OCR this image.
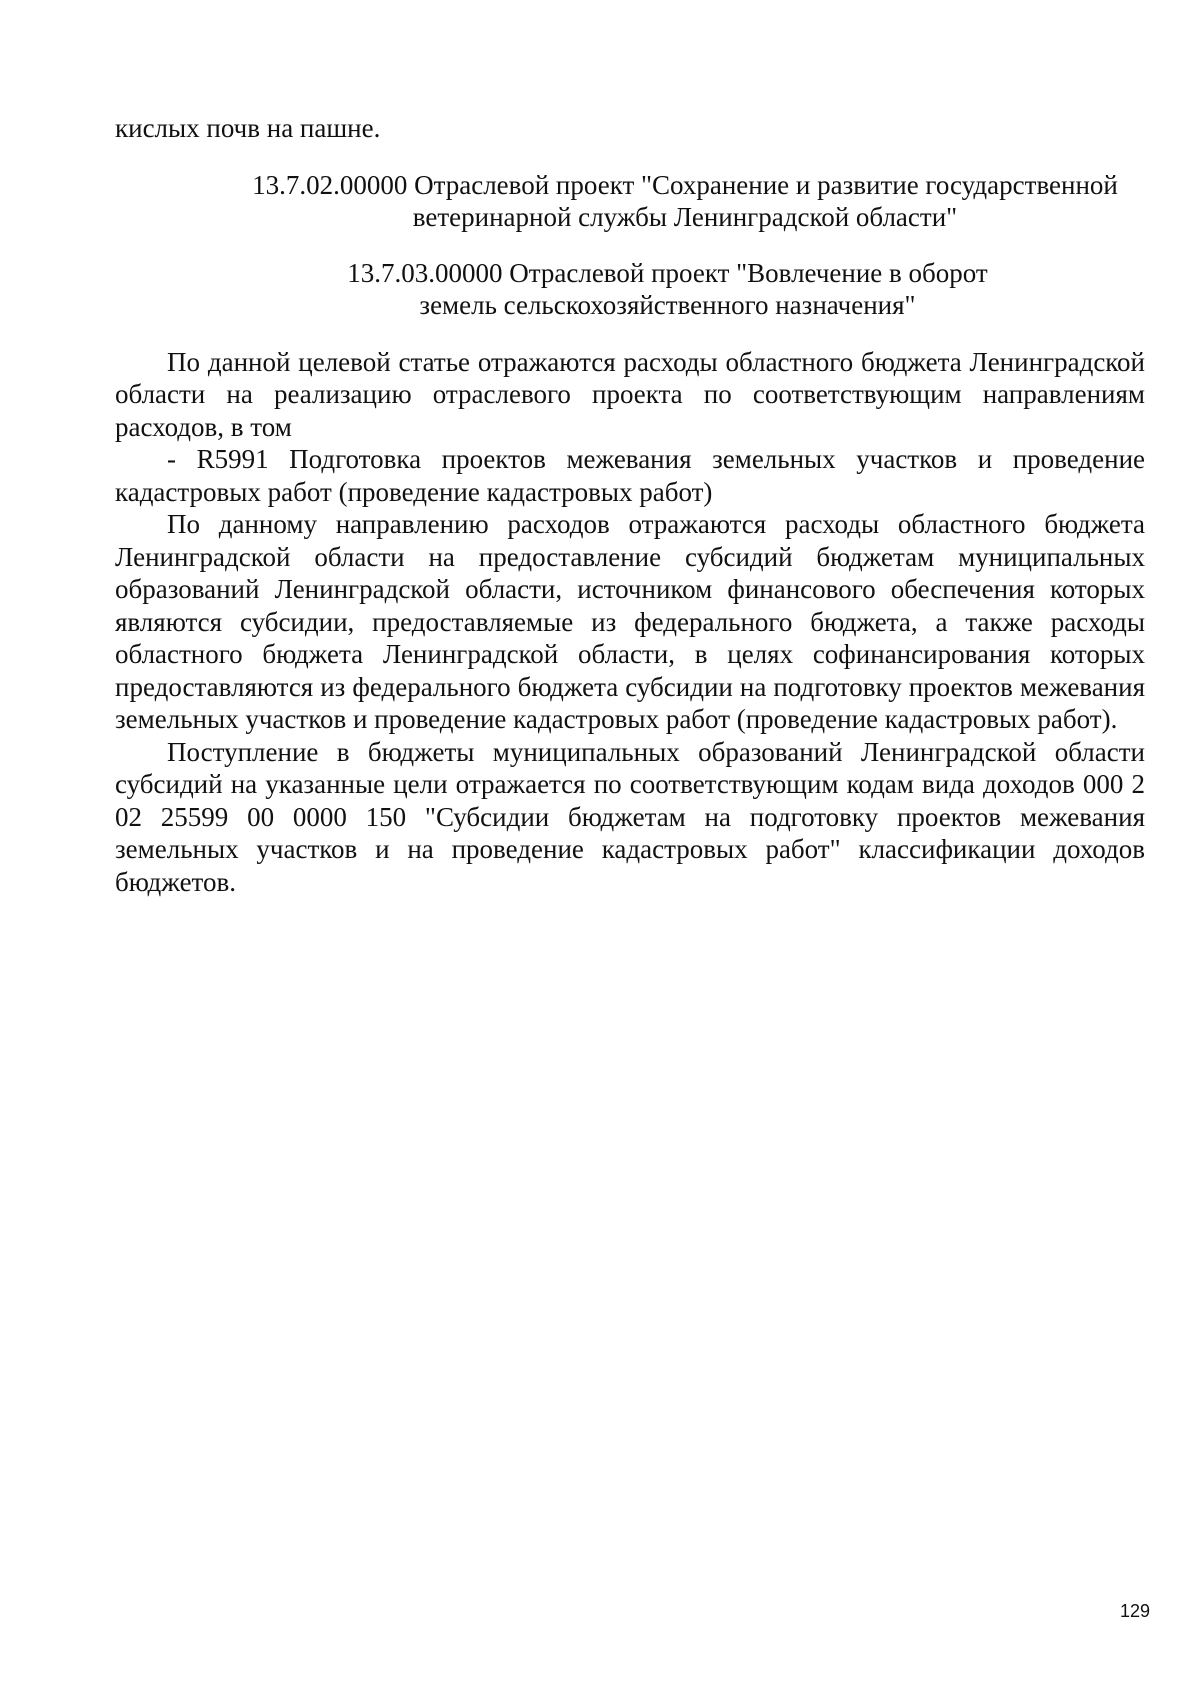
кислых почв на пашне.

13.7.02.00000 Отраслевой проект "Сохранение и развитие государственной
ветеринарной службы Ленинградской области"
13.7.03.00000 Отраслевой проект "Вовлечение в оборот
земель сельскохозяйственного назначения"

По данной целевой статье отражаются расходы областного бюджета Ленинградской области на реализацию отраслевого проекта по соответствующим направлениям расходов, в том

- R5991 Подготовка проектов межевания земельных участков и проведение кадастровых работ (проведение кадастровых работ)

По данному направлению расходов отражаются расходы областного бюджета Ленинградской области на предоставление субсидий бюджетам муниципальных образований Ленинградской области, источником финансового обеспечения которых являются субсидии, предоставляемые из федерального бюджета, а также расходы областного бюджета Ленинградской области, в целях софинансирования которых предоставляются из федерального бюджета субсидии на подготовку проектов межевания земельных участков и проведение кадастровых работ (проведение кадастровых работ).

Поступление в бюджеты муниципальных образований Ленинградской области субсидий на указанные цели отражается по соответствующим кодам вида доходов 000 2 02 25599 00 0000 150 "Субсидии бюджетам на подготовку проектов межевания земельных участков и на проведение кадастровых работ" классификации доходов бюджетов.

129
